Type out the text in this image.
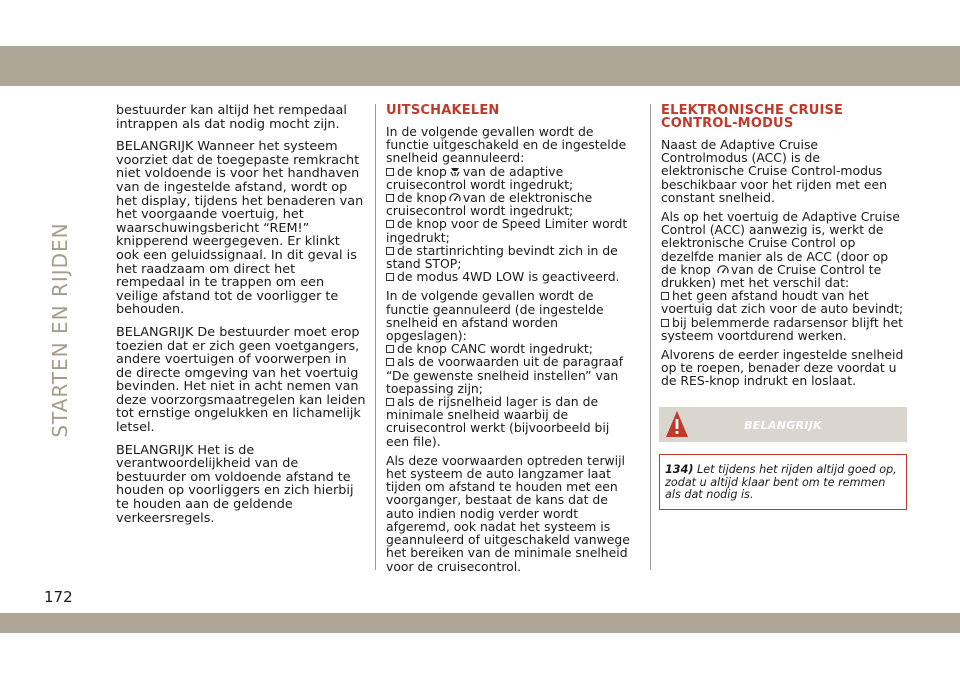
STARTEN EN RIJDEN
172

bestuurder kan altijd het rempedaal intrappen als dat nodig mocht zijn.

BELANGRIJK Wanneer het systeem voorziet dat de toegepaste remkracht niet voldoende is voor het handhaven van de ingestelde afstand, wordt op het display, tijdens het benaderen van het voorgaande voertuig, het waarschuwingsbericht “REM!” knipperend weergegeven. Er klinkt ook een geluidssignaal. In dit geval is het raadzaam om direct het rempedaal in te trappen om een veilige afstand tot de voorligger te behouden.

BELANGRIJK De bestuurder moet erop toezien dat er zich geen voetgangers, andere voertuigen of voorwerpen in de directe omgeving van het voertuig bevinden. Het niet in acht nemen van deze voorzorgsmaatregelen kan leiden tot ernstige ongelukken en lichamelijk letsel.

BELANGRIJK Het is de verantwoordelijkheid van de bestuurder om voldoende afstand te houden op voorliggers en zich hierbij te houden aan de geldende verkeersregels.

UITSCHAKELEN

In de volgende gevallen wordt de functie uitgeschakeld en de ingestelde snelheid geannuleerd:
de knop van de adaptive cruisecontrol wordt ingedrukt;
de knop van de elektronische cruisecontrol wordt ingedrukt;
de knop voor de Speed Limiter wordt ingedrukt;
de startinrichting bevindt zich in de stand STOP;
de modus 4WD LOW is geactiveerd.

In de volgende gevallen wordt de functie geannuleerd (de ingestelde snelheid en afstand worden opgeslagen):
de knop CANC wordt ingedrukt;
als de voorwaarden uit de paragraaf “De gewenste snelheid instellen” van toepassing zijn;
als de rijsnelheid lager is dan de minimale snelheid waarbij de cruisecontrol werkt (bijvoorbeeld bij een file).

Als deze voorwaarden optreden terwijl het systeem de auto langzamer laat tijden om afstand te houden met een voorganger, bestaat de kans dat de auto indien nodig verder wordt afgeremd, ook nadat het systeem is geannuleerd of uitgeschakeld vanwege het bereiken van de minimale snelheid voor de cruisecontrol.

ELEKTRONISCHE CRUISE
CONTROL-MODUS

Naast de Adaptive Cruise Controlmodus (ACC) is de elektronische Cruise Control-modus beschikbaar voor het rijden met een constant snelheid.

Als op het voertuig de Adaptive Cruise Control (ACC) aanwezig is, werkt de elektronische Cruise Control op dezelfde manier als de ACC (door op de knop van de Cruise Control te drukken) met het verschil dat:
het geen afstand houdt van het voertuig dat zich voor de auto bevindt;
bij belemmerde radarsensor blijft het systeem voortdurend werken.

Alvorens de eerder ingestelde snelheid op te roepen, benader deze voordat u de RES-knop indrukt en loslaat.

BELANGRIJK
134) Let tijdens het rijden altijd goed op, zodat u altijd klaar bent om te remmen als dat nodig is.
